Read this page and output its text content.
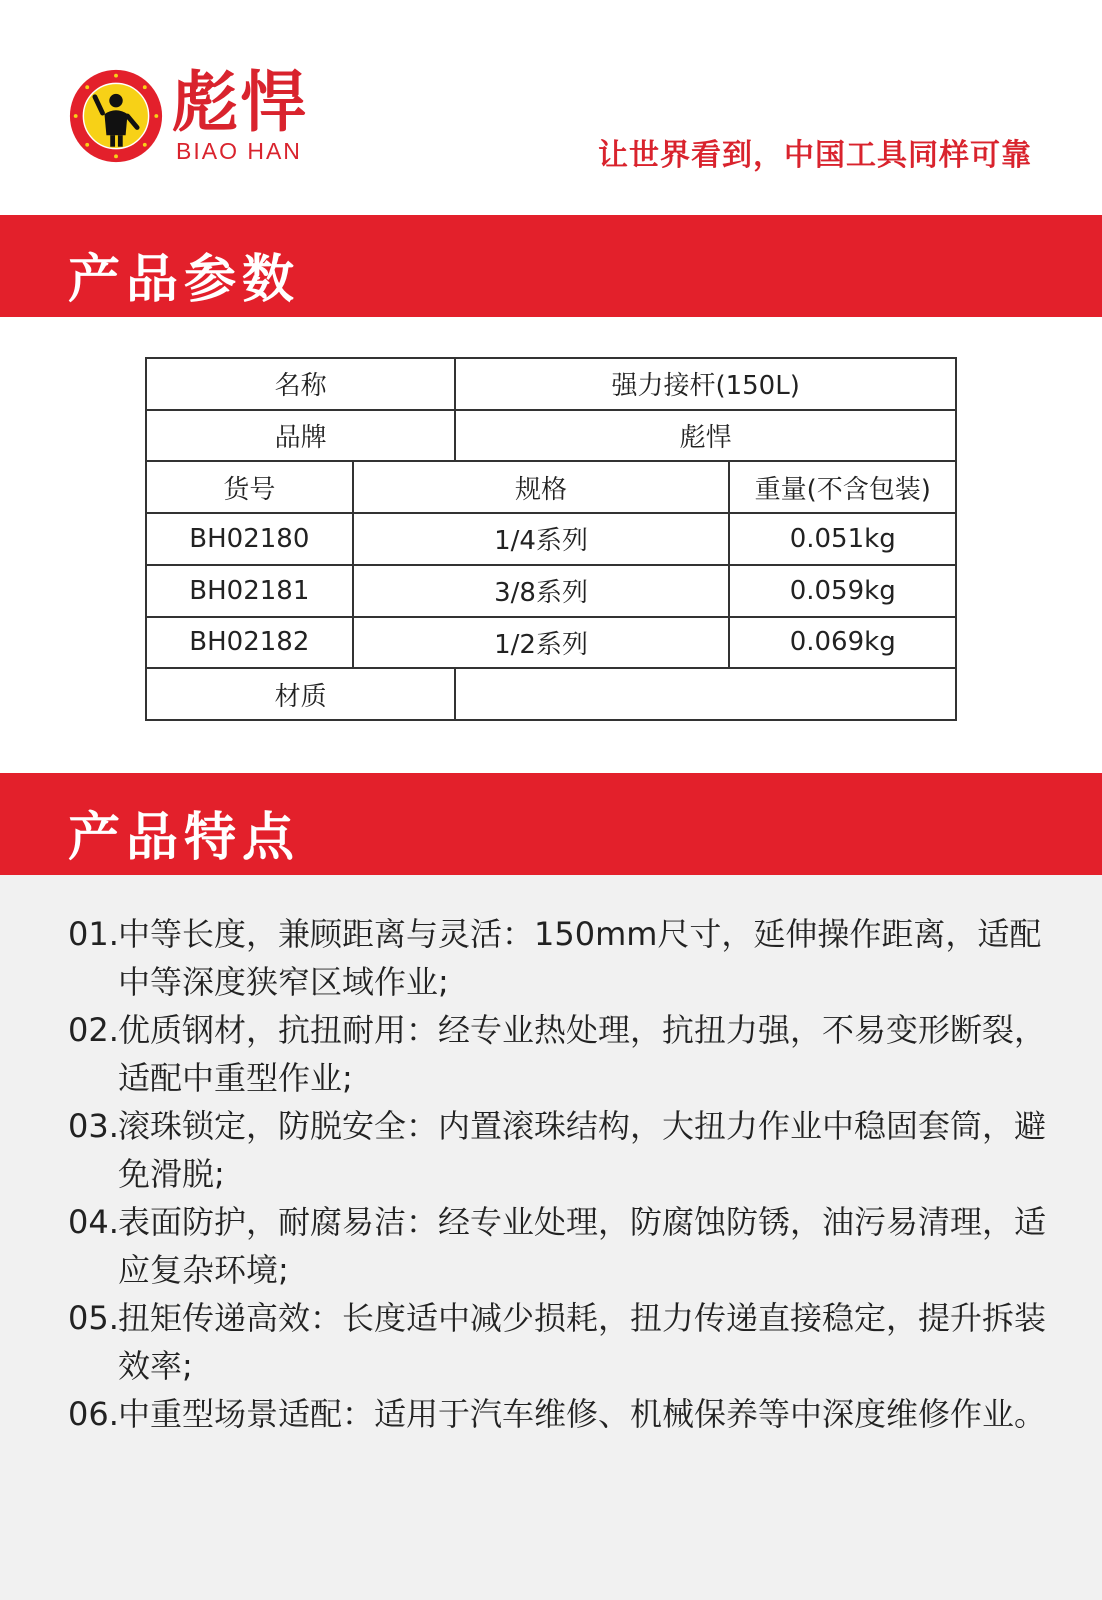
彪悍
BIAO HAN	让世界看到，中国工具同样可靠
产品参数
名称		强力接杆(150L)	
品牌		彪悍	
货号	规格		重量(不含包装)
BH02180	1/4系列		0.051kg
BH02181	3/8系列		0.059kg
BH02182	1/2系列		0.069kg
材质			
产品特点
01. 中等长度，兼顾距离与灵活：150mm尺寸，延伸操作距离，适配中等深度狭窄区域作业;
02. 优质钢材，抗扭耐用：经专业热处理，抗扭力强，不易变形断裂，适配中重型作业;
03. 滚珠锁定，防脱安全：内置滚珠结构，大扭力作业中稳固套筒，避免滑脱;
04. 表面防护，耐腐易洁：经专业处理，防腐蚀防锈，油污易清理，适应复杂环境;
05. 扭矩传递高效：长度适中减少损耗，扭力传递直接稳定，提升拆装效率;
06. 中重型场景适配：适用于汽车维修、机械保养等中深度维修作业。
